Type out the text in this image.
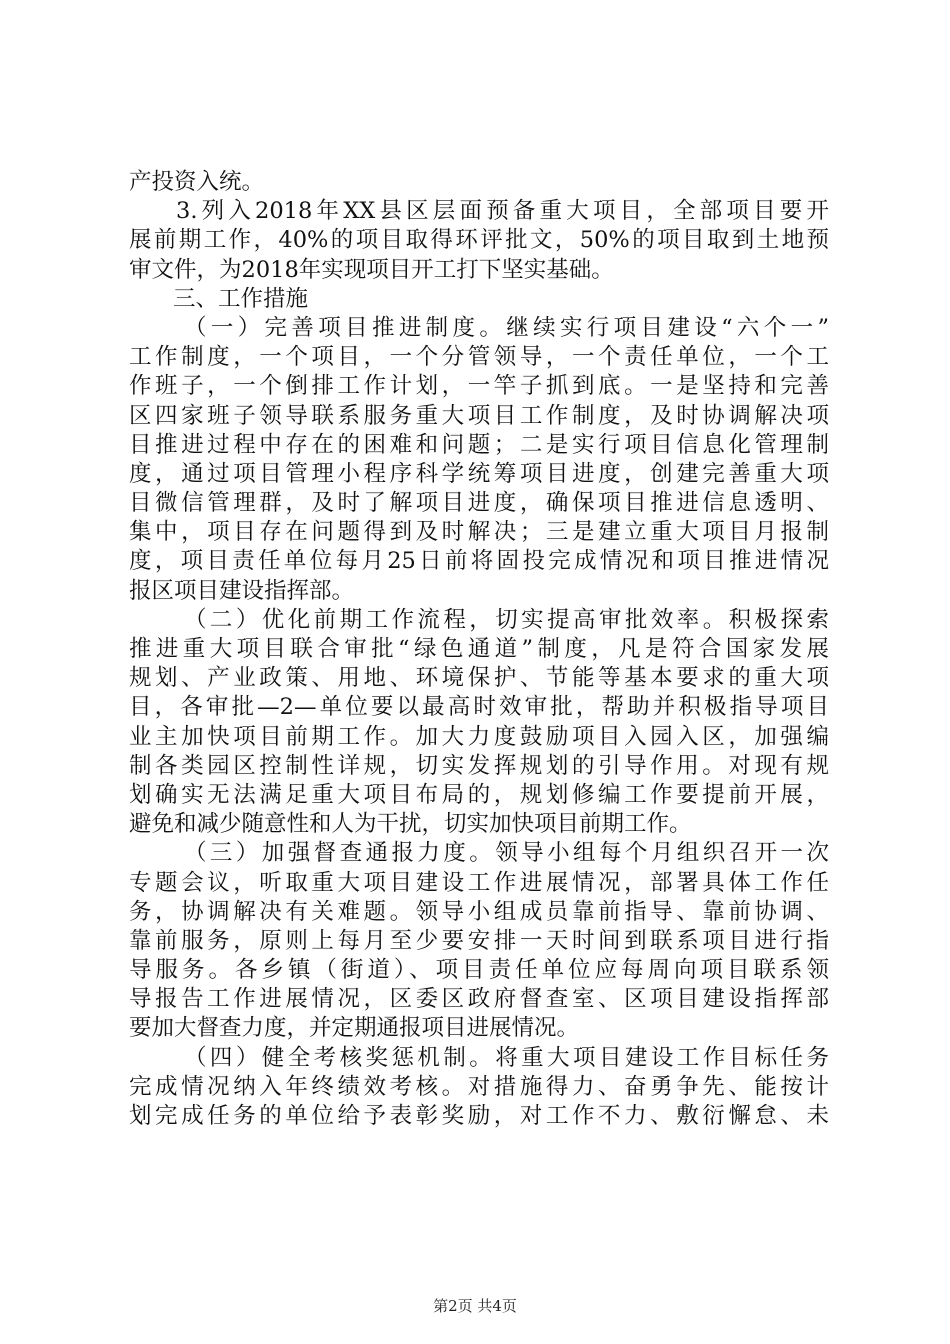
产投资入统。
3.列入2018年XX县区层面预备重大项目，全部项目要开
展前期工作，40%的项目取得环评批文，50%的项目取到土地预
审文件，为2018年实现项目开工打下坚实基础。
三、工作措施
（一）完善项目推进制度。继续实行项目建设“六个一”
工作制度，一个项目，一个分管领导，一个责任单位，一个工
作班子，一个倒排工作计划，一竿子抓到底。一是坚持和完善
区四家班子领导联系服务重大项目工作制度，及时协调解决项
目推进过程中存在的困难和问题；二是实行项目信息化管理制
度，通过项目管理小程序科学统筹项目进度，创建完善重大项
目微信管理群，及时了解项目进度，确保项目推进信息透明、
集中，项目存在问题得到及时解决；三是建立重大项目月报制
度，项目责任单位每月25日前将固投完成情况和项目推进情况
报区项目建设指挥部。
（二）优化前期工作流程，切实提高审批效率。积极探索
推进重大项目联合审批“绿色通道”制度，凡是符合国家发展
规划、产业政策、用地、环境保护、节能等基本要求的重大项
目，各审批—2—单位要以最高时效审批，帮助并积极指导项目
业主加快项目前期工作。加大力度鼓励项目入园入区，加强编
制各类园区控制性详规，切实发挥规划的引导作用。对现有规
划确实无法满足重大项目布局的，规划修编工作要提前开展，
避免和减少随意性和人为干扰，切实加快项目前期工作。
（三）加强督查通报力度。领导小组每个月组织召开一次
专题会议，听取重大项目建设工作进展情况，部署具体工作任
务，协调解决有关难题。领导小组成员靠前指导、靠前协调、
靠前服务，原则上每月至少要安排一天时间到联系项目进行指
导服务。各乡镇（街道）、项目责任单位应每周向项目联系领
导报告工作进展情况，区委区政府督查室、区项目建设指挥部
要加大督查力度，并定期通报项目进展情况。
（四）健全考核奖惩机制。将重大项目建设工作目标任务
完成情况纳入年终绩效考核。对措施得力、奋勇争先、能按计
划完成任务的单位给予表彰奖励，对工作不力、敷衍懈怠、未
第2页 共4页
